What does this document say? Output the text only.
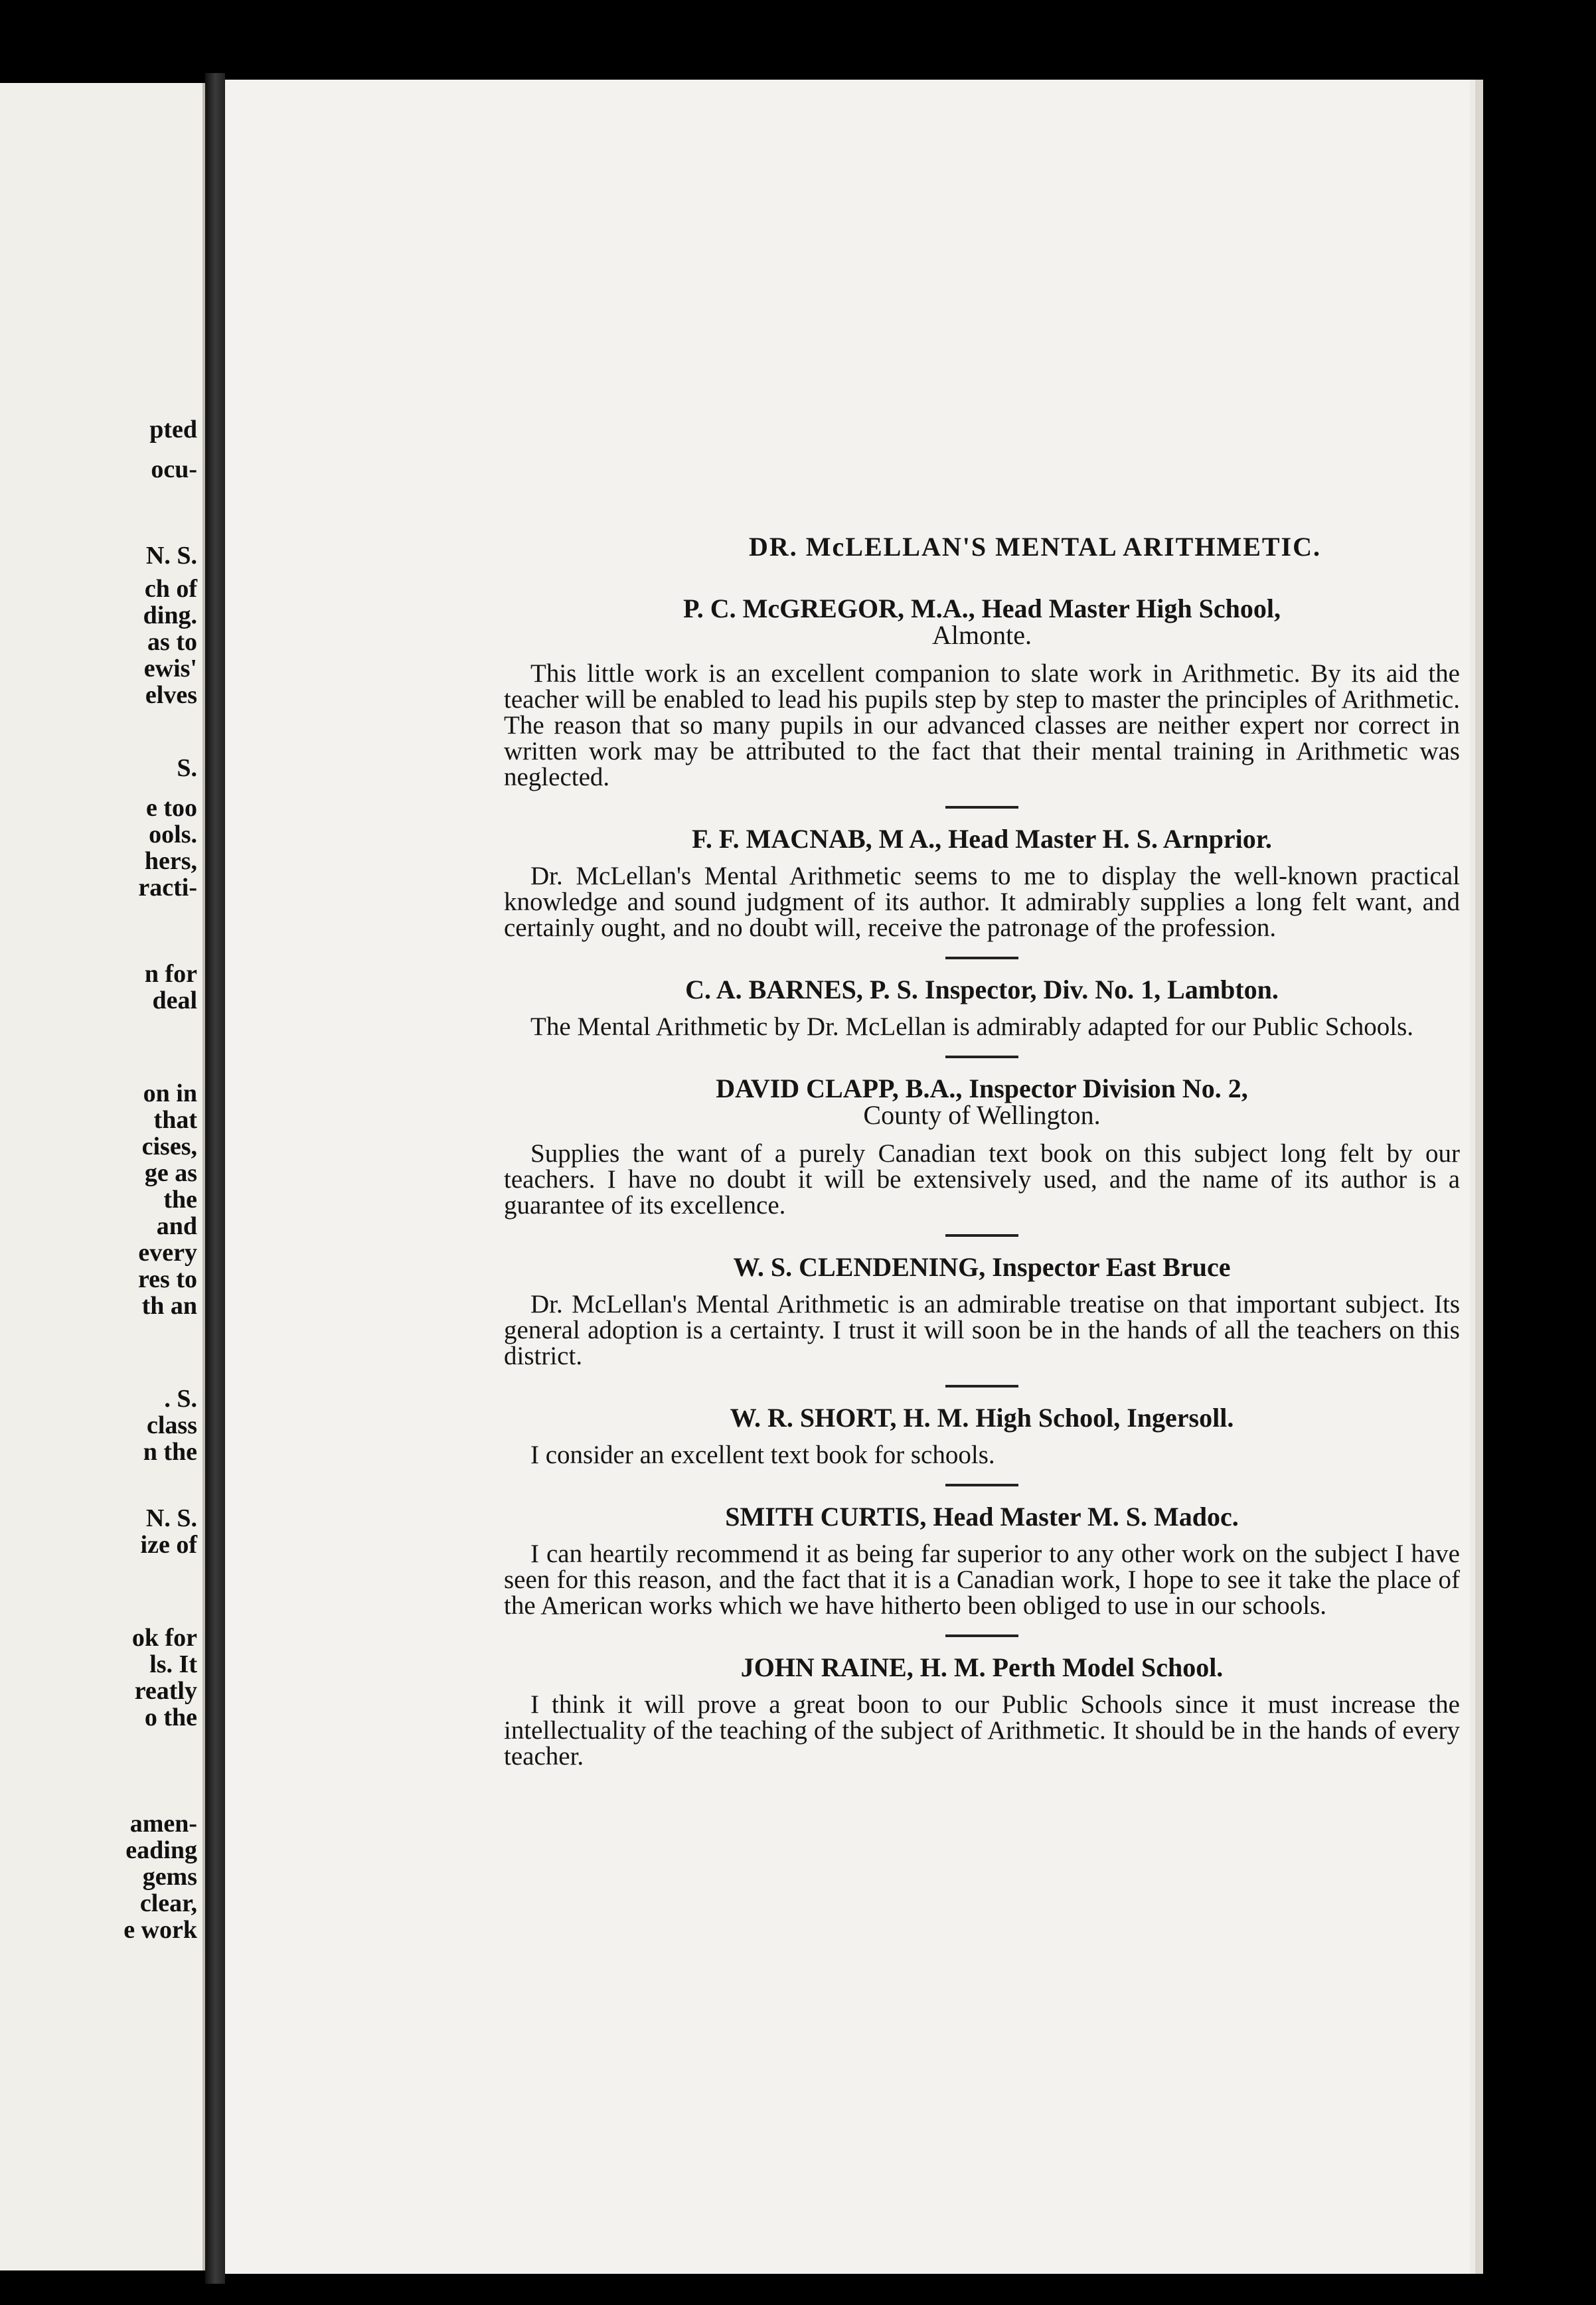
pted
ocu-
N. S.
ch of
ding.
as to
ewis'
elves
S.
e too
ools.
hers,
racti-
n for
deal
on in
that
cises,
ge as
the
and
every
res to
th an
. S.
class
n the
N. S.
ize of
ok for
ls. It
reatly
o the
amen-
eading
gems
clear,
e work
DR. McLELLAN'S MENTAL ARITHMETIC.
P. C. McGREGOR, M.A., Head Master High School,
Almonte.

This little work is an excellent companion to slate work in Arithmetic. By its aid the teacher will be enabled to lead his pupils step by step to master the principles of Arithmetic. The reason that so many pupils in our advanced classes are neither expert nor correct in written work may be attributed to the fact that their mental training in Arithmetic was neglected.

F. F. MACNAB, M A., Head Master H. S. Arnprior.

Dr. McLellan's Mental Arithmetic seems to me to display the well-known practical knowledge and sound judgment of its author. It admirably supplies a long felt want, and certainly ought, and no doubt will, receive the patronage of the profession.

C. A. BARNES, P. S. Inspector, Div. No. 1, Lambton.

The Mental Arithmetic by Dr. McLellan is admirably adapted for our Public Schools.

DAVID CLAPP, B.A., Inspector Division No. 2,
County of Wellington.

Supplies the want of a purely Canadian text book on this subject long felt by our teachers. I have no doubt it will be extensively used, and the name of its author is a guarantee of its excellence.

W. S. CLENDENING, Inspector East Bruce

Dr. McLellan's Mental Arithmetic is an admirable treatise on that important subject. Its general adoption is a certainty. I trust it will soon be in the hands of all the teachers on this district.

W. R. SHORT, H. M. High School, Ingersoll.

I consider an excellent text book for schools.

SMITH CURTIS, Head Master M. S. Madoc.

I can heartily recommend it as being far superior to any other work on the subject I have seen for this reason, and the fact that it is a Canadian work, I hope to see it take the place of the American works which we have hitherto been obliged to use in our schools.

JOHN RAINE, H. M. Perth Model School.

I think it will prove a great boon to our Public Schools since it must increase the intellectuality of the teaching of the subject of Arithmetic. It should be in the hands of every teacher.
